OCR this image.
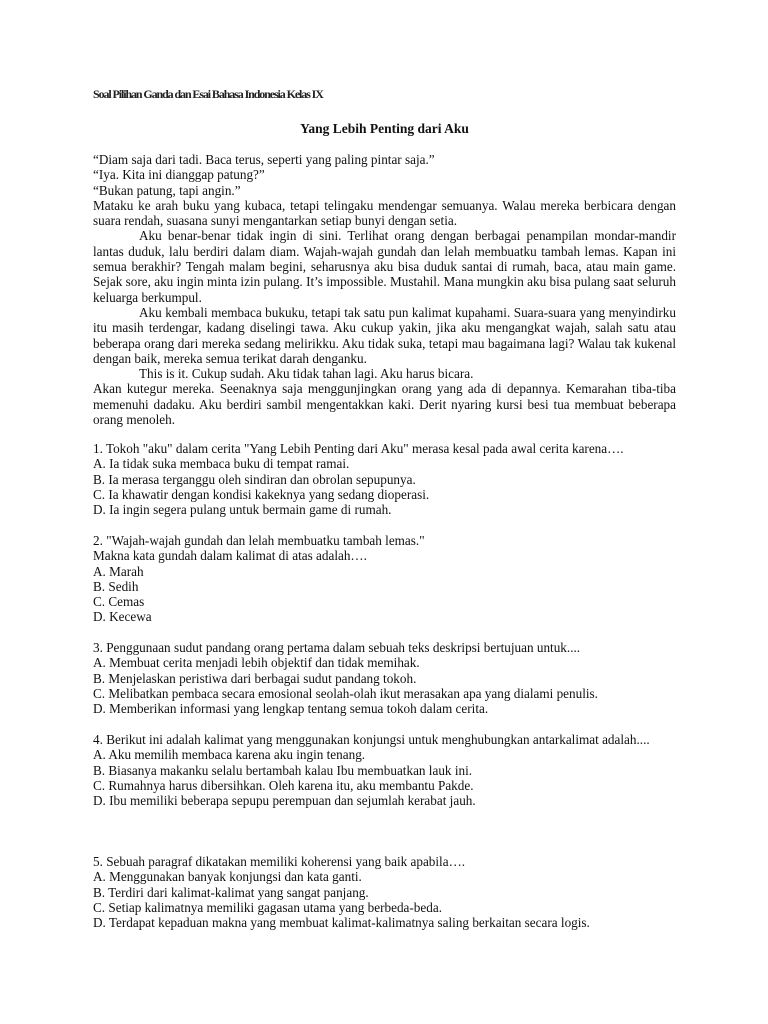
Soal Pilihan Ganda dan Esai Bahasa Indonesia Kelas IX
Yang Lebih Penting dari Aku

“Diam saja dari tadi. Baca terus, seperti yang paling pintar saja.”

“Iya. Kita ini dianggap patung?”

“Bukan patung, tapi angin.”

Mataku ke arah buku yang kubaca, tetapi telingaku mendengar semuanya. Walau mereka berbicara dengan suara rendah, suasana sunyi mengantarkan setiap bunyi dengan setia.

Aku benar-benar tidak ingin di sini. Terlihat orang dengan berbagai penampilan mondar-mandir lantas duduk, lalu berdiri dalam diam. Wajah-wajah gundah dan lelah membuatku tambah lemas. Kapan ini semua berakhir? Tengah malam begini, seharusnya aku bisa duduk santai di rumah, baca, atau main game. Sejak sore, aku ingin minta izin pulang. It’s impossible. Mustahil. Mana mungkin aku bisa pulang saat seluruh keluarga berkumpul.

Aku kembali membaca bukuku, tetapi tak satu pun kalimat kupahami. Suara-suara yang menyindirku itu masih terdengar, kadang diselingi tawa. Aku cukup yakin, jika aku mengangkat wajah, salah satu atau beberapa orang dari mereka sedang melirikku. Aku tidak suka, tetapi mau bagaimana lagi? Walau tak kukenal dengan baik, mereka semua terikat darah denganku.

This is it. Cukup sudah. Aku tidak tahan lagi. Aku harus bicara.

Akan kutegur mereka. Seenaknya saja menggunjingkan orang yang ada di depannya. Kemarahan tiba-tiba memenuhi dadaku. Aku berdiri sambil mengentakkan kaki. Derit nyaring kursi besi tua membuat beberapa orang menoleh.

1. Tokoh "aku" dalam cerita "Yang Lebih Penting dari Aku" merasa kesal pada awal cerita karena….
A. Ia tidak suka membaca buku di tempat ramai.
B. Ia merasa terganggu oleh sindiran dan obrolan sepupunya.
C. Ia khawatir dengan kondisi kakeknya yang sedang dioperasi.
D. Ia ingin segera pulang untuk bermain game di rumah.
2. "Wajah-wajah gundah dan lelah membuatku tambah lemas."
Makna kata gundah dalam kalimat di atas adalah….
A. Marah
B. Sedih
C. Cemas
D. Kecewa
3. Penggunaan sudut pandang orang pertama dalam sebuah teks deskripsi bertujuan untuk....
A. Membuat cerita menjadi lebih objektif dan tidak memihak.
B. Menjelaskan peristiwa dari berbagai sudut pandang tokoh.
C. Melibatkan pembaca secara emosional seolah-olah ikut merasakan apa yang dialami penulis.
D. Memberikan informasi yang lengkap tentang semua tokoh dalam cerita.
4. Berikut ini adalah kalimat yang menggunakan konjungsi untuk menghubungkan antarkalimat adalah....
A. Aku memilih membaca karena aku ingin tenang.
B. Biasanya makanku selalu bertambah kalau Ibu membuatkan lauk ini.
C. Rumahnya harus dibersihkan. Oleh karena itu, aku membantu Pakde.
D. Ibu memiliki beberapa sepupu perempuan dan sejumlah kerabat jauh.
5. Sebuah paragraf dikatakan memiliki koherensi yang baik apabila….
A. Menggunakan banyak konjungsi dan kata ganti.
B. Terdiri dari kalimat-kalimat yang sangat panjang.
C. Setiap kalimatnya memiliki gagasan utama yang berbeda-beda.
D. Terdapat kepaduan makna yang membuat kalimat-kalimatnya saling berkaitan secara logis.
